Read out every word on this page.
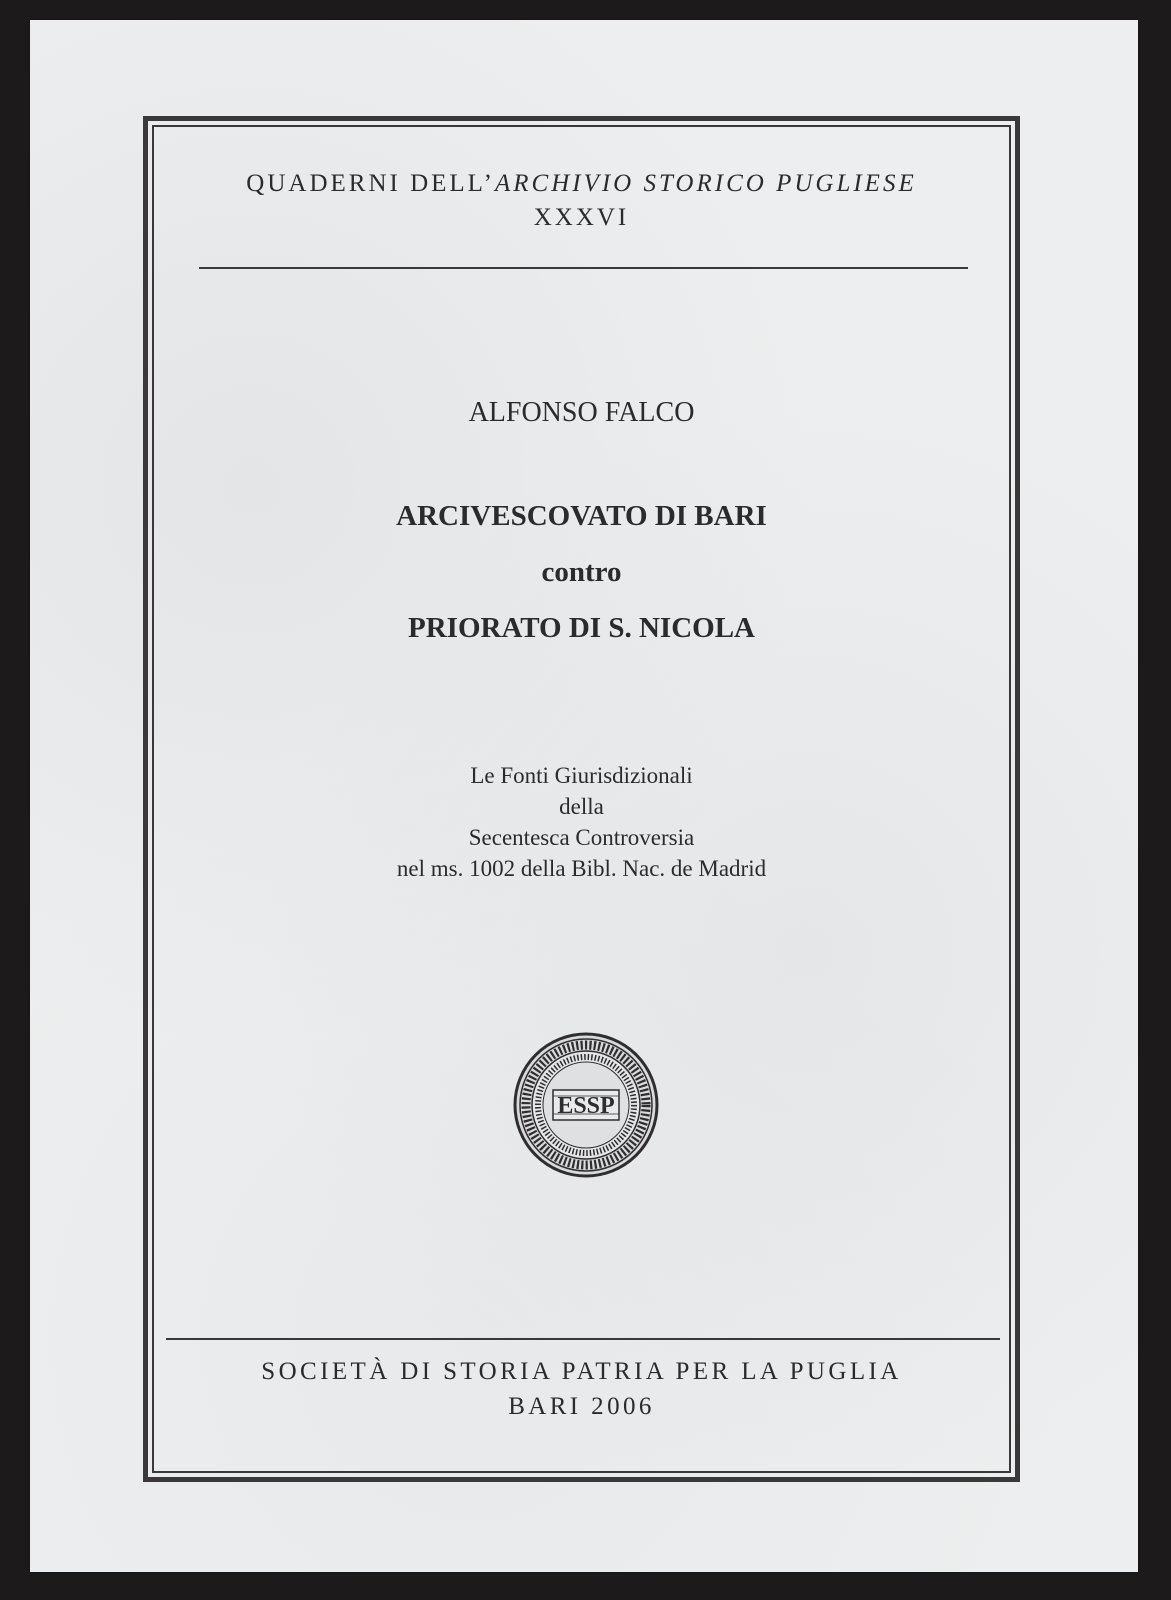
QUADERNI DELL’ARCHIVIO STORICO PUGLIESE
XXXVI
ALFONSO FALCO
ARCIVESCOVATO DI BARI
contro
PRIORATO DI S. NICOLA
Le Fonti Giurisdizionali
della
Secentesca Controversia
nel ms. 1002 della Bibl. Nac. de Madrid
ESSP
SOCIETÀ DI STORIA PATRIA PER LA PUGLIA
BARI 2006
